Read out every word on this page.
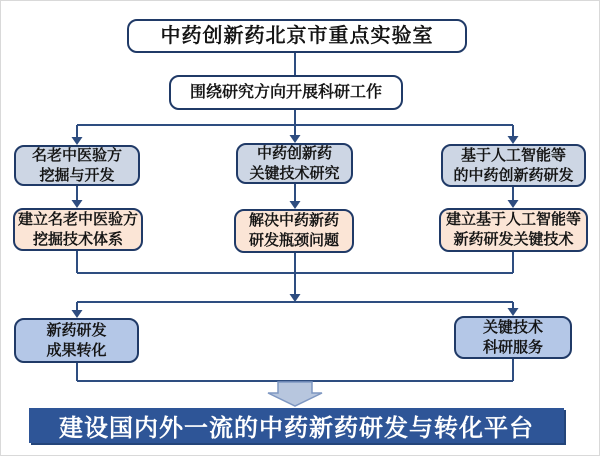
中药创新药北京市重点实验室
围绕研究方向开展科研工作
名老中医验方
挖掘与开发
中药创新药
关键技术研究
基于人工智能等
的中药创新药研发
建立名老中医验方
挖掘技术体系
解决中药新药
研发瓶颈问题
建立基于人工智能等
新药研发关键技术
新药研发
成果转化
关键技术
科研服务
建设国内外一流的中药新药研发与转化平台
